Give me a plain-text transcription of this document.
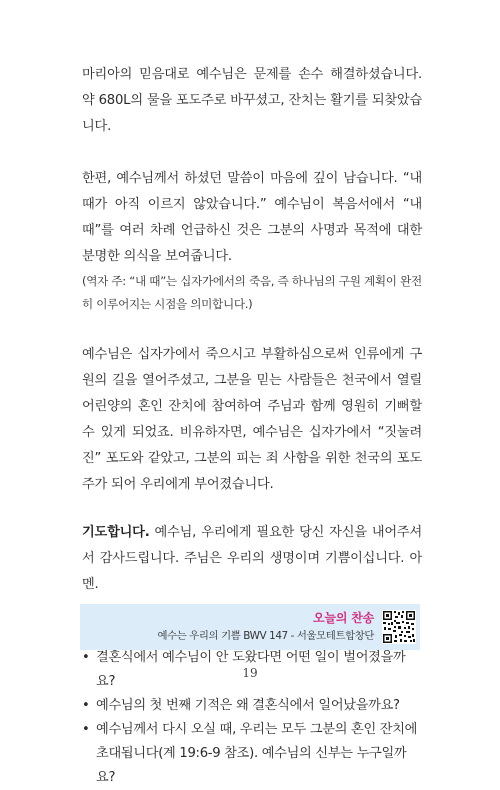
마리아의 믿음대로 예수님은 문제를 손수 해결하셨습니다. 약 680L의 물을 포도주로 바꾸셨고, 잔치는 활기를 되찾았습니다.

한편, 예수님께서 하셨던 말씀이 마음에 깊이 남습니다. “내 때가 아직 이르지 않았습니다.” 예수님이 복음서에서 “내 때”를 여러 차례 언급하신 것은 그분의 사명과 목적에 대한 분명한 의식을 보여줍니다.

(역자 주: “내 때”는 십자가에서의 죽음, 즉 하나님의 구원 계획이 완전히 이루어지는 시점을 의미합니다.)

예수님은 십자가에서 죽으시고 부활하심으로써 인류에게 구원의 길을 열어주셨고, 그분을 믿는 사람들은 천국에서 열릴 어린양의 혼인 잔치에 참여하여 주님과 함께 영원히 기뻐할 수 있게 되었죠. 비유하자면, 예수님은 십자가에서 “짓눌려진” 포도와 같았고, 그분의 피는 죄 사함을 위한 천국의 포도주가 되어 우리에게 부어졌습니다.

기도합니다. 예수님, 우리에게 필요한 당신 자신을 내어주셔서 감사드립니다. 주님은 우리의 생명이며 기쁨이십니다. 아멘.

• 결혼식에서 예수님이 안 도왔다면 어떤 일이 벌어졌을까요?
• 예수님의 첫 번째 기적은 왜 결혼식에서 일어났을까요?
• 예수님께서 다시 오실 때, 우리는 모두 그분의 혼인 잔치에 초대됩니다(계 19:6-9 참조). 예수님의 신부는 누구일까요?
오늘의 찬송
예수는 우리의 기쁨 BWV 147 - 서울모테트합창단
19
